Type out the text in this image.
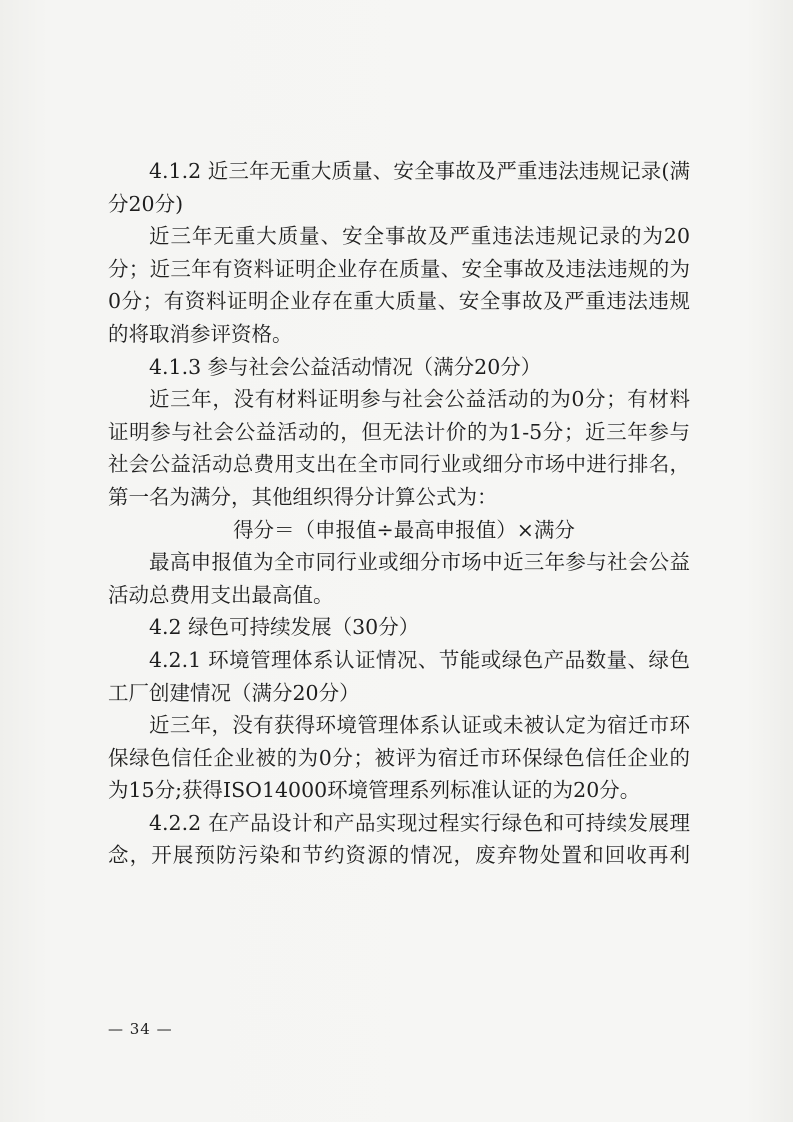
4.1.2 近三年无重大质量、安全事故及严重违法违规记录(满分20分)

近三年无重大质量、安全事故及严重违法违规记录的为20分；近三年有资料证明企业存在质量、安全事故及违法违规的为0分；有资料证明企业存在重大质量、安全事故及严重违法违规的将取消参评资格。

4.1.3 参与社会公益活动情况（满分20分）

近三年，没有材料证明参与社会公益活动的为0分；有材料证明参与社会公益活动的，但无法计价的为1-5分；近三年参与社会公益活动总费用支出在全市同行业或细分市场中进行排名，第一名为满分，其他组织得分计算公式为：

得分＝（申报值÷最高申报值）×满分

最高申报值为全市同行业或细分市场中近三年参与社会公益活动总费用支出最高值。

4.2 绿色可持续发展（30分）

4.2.1 环境管理体系认证情况、节能或绿色产品数量、绿色工厂创建情况（满分20分）

近三年，没有获得环境管理体系认证或未被认定为宿迁市环保绿色信任企业被的为0分；被评为宿迁市环保绿色信任企业的为15分;获得ISO14000环境管理系列标准认证的为20分。

4.2.2 在产品设计和产品实现过程实行绿色和可持续发展理念，开展预防污染和节约资源的情况，废弃物处置和回收再利

— 34 —
